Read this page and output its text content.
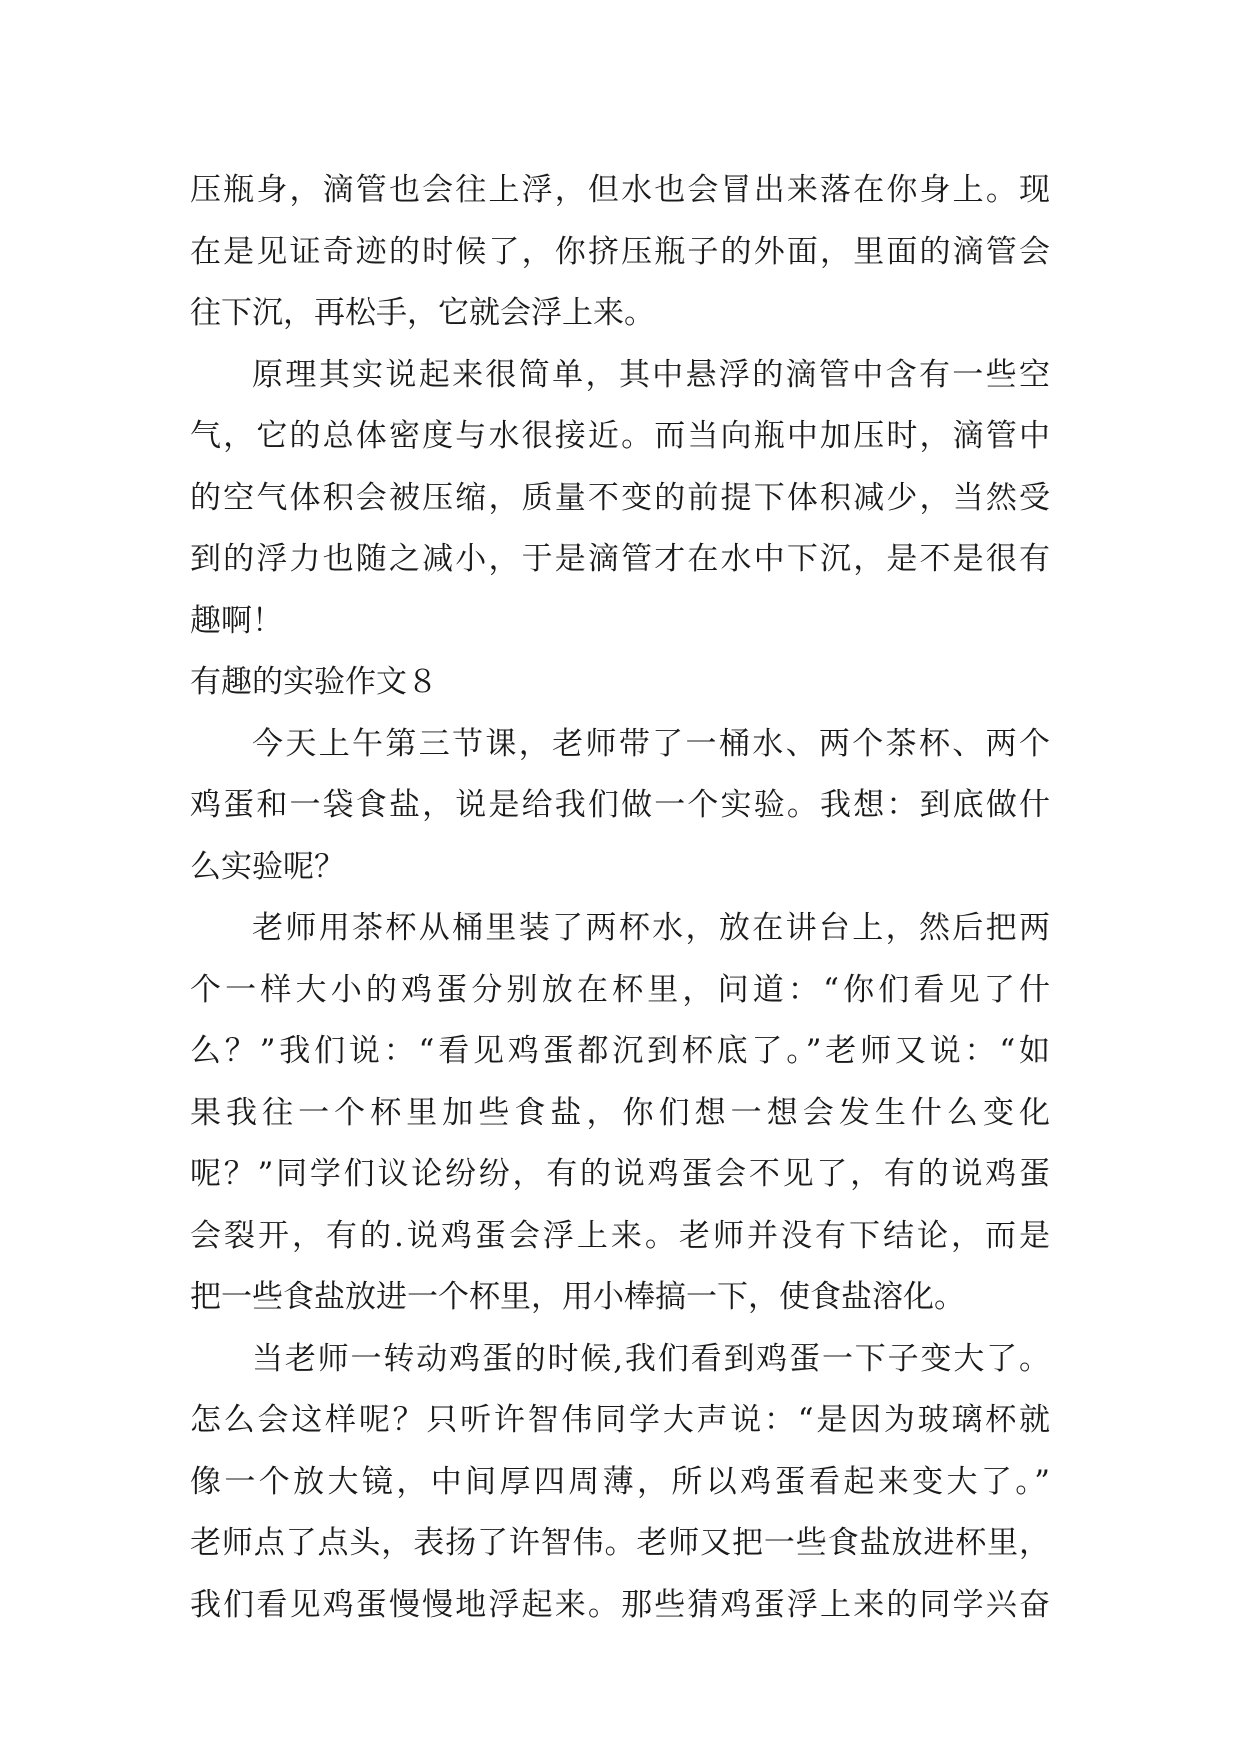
压瓶身，滴管也会往上浮，但水也会冒出来落在你身上。现
在是见证奇迹的时候了，你挤压瓶子的外面，里面的滴管会
往下沉，再松手，它就会浮上来。
原理其实说起来很简单，其中悬浮的滴管中含有一些空
气，它的总体密度与水很接近。而当向瓶中加压时，滴管中
的空气体积会被压缩，质量不变的前提下体积减少，当然受
到的浮力也随之减小，于是滴管才在水中下沉，是不是很有
趣啊！
有趣的实验作文８
今天上午第三节课，老师带了一桶水、两个茶杯、两个
鸡蛋和一袋食盐，说是给我们做一个实验。我想：到底做什
么实验呢？
老师用茶杯从桶里装了两杯水，放在讲台上，然后把两
个一样大小的鸡蛋分别放在杯里，问道：“你们看见了什
么？”我们说：“看见鸡蛋都沉到杯底了。”老师又说：“如
果我往一个杯里加些食盐，你们想一想会发生什么变化
呢？”同学们议论纷纷，有的说鸡蛋会不见了，有的说鸡蛋
会裂开，有的.说鸡蛋会浮上来。老师并没有下结论，而是
把一些食盐放进一个杯里，用小棒搞一下，使食盐溶化。
当老师一转动鸡蛋的时候,我们看到鸡蛋一下子变大了。
怎么会这样呢？只听许智伟同学大声说：“是因为玻璃杯就
像一个放大镜，中间厚四周薄，所以鸡蛋看起来变大了。”
老师点了点头，表扬了许智伟。老师又把一些食盐放进杯里，
我们看见鸡蛋慢慢地浮起来。那些猜鸡蛋浮上来的同学兴奋
